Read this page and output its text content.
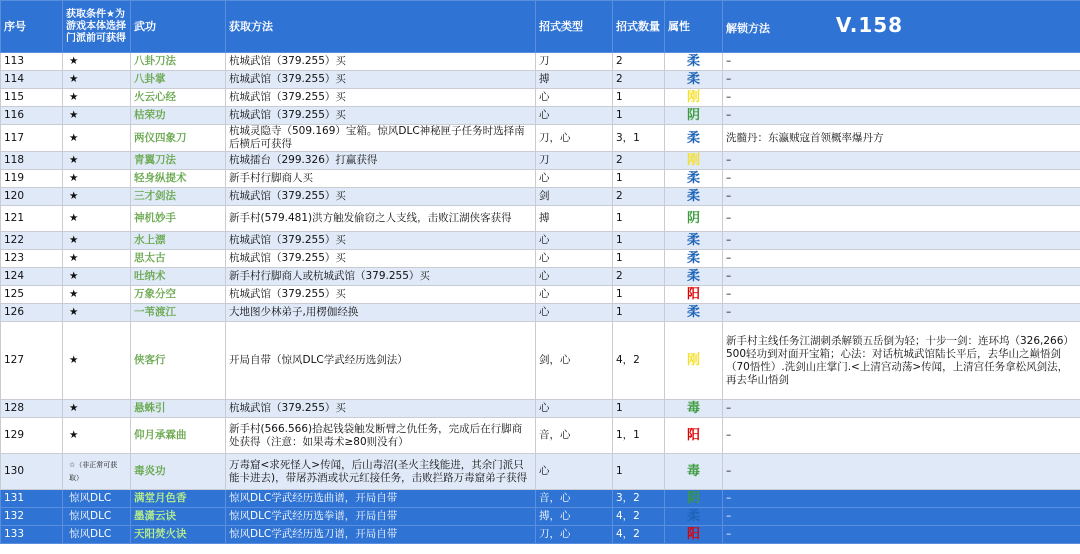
序号	获取条件★为游戏本体选择门派前可获得	武功	获取方法	招式类型	招式数量	属性	解锁方法 V.158
113	★	八卦刀法	杭城武馆（379.255）买	刀	2	柔	–
114	★	八卦掌	杭城武馆（379.255）买	搏	2	柔	–
115	★	火云心经	杭城武馆（379.255）买	心	1	刚	–
116	★	枯荣功	杭城武馆（379.255）买	心	1	阴	–
117	★	两仪四象刀	杭城灵隐寺（509.169）宝箱。惊风DLC神秘匣子任务时选择南后横后可获得	刀，心	3，1	柔	洗髓丹：东瀛贼寇首领概率爆丹方
118	★	青翼刀法	杭城擂台（299.326）打赢获得	刀	2	刚	–
119	★	轻身纵提术	新手村行脚商人买	心	1	柔	–
120	★	三才剑法	杭城武馆（379.255）买	剑	2	柔	–
121	★	神机妙手	新手村(579.481)洪方触发偷窃之人支线，击败江湖侠客获得	搏	1	阴	–
122	★	水上漂	杭城武馆（379.255）买	心	1	柔	–
123	★	思太古	杭城武馆（379.255）买	心	1	柔	–
124	★	吐纳术	新手村行脚商人或杭城武馆（379.255）买	心	2	柔	–
125	★	万象分空	杭城武馆（379.255）买	心	1	阳	–
126	★	一苇渡江	大地图少林弟子,用楞伽经换	心	1	柔	–
127	★	侠客行	开局自带（惊风DLC学武经历选剑法）	剑，心	4，2	刚	新手村主线任务江湖刺杀解锁五岳倒为轻；十步一剑：连环坞（326,266）500轻功到对面开宝箱；心法：对话杭城武馆陆长平后，去华山之巅悟剑（70悟性）.洗剑山庄掌门.<上清宫动荡>传闻，上清宫任务拿松风剑法，再去华山悟剑
128	★	悬蛛引	杭城武馆（379.255）买	心	1	毒	–
129	★	仰月承霖曲	新手村(566.566)拾起钱袋触发断臂之仇任务，完成后在行脚商处获得（注意：如果毒术≥80则没有）	音，心	1，1	阳	–
130	☆（非正常可获取）	毒炎功	万毒窟<求死怪人>传闻，后山毒沼(圣火主线能进，其余门派只能卡进去)，带屠苏酒或状元红接任务，击败拦路万毒窟弟子获得	心	1	毒	–
131	惊风DLC	满堂月色香	惊风DLC学武经历选曲谱，开局自带	音，心	3，2	阴	–
132	惊风DLC	墨潇云诀	惊风DLC学武经历选拳谱，开局自带	搏，心	4，2	柔	–
133	惊风DLC	天阳焚火诀	惊风DLC学武经历选刀谱，开局自带	刀，心	4，2	阳	–
